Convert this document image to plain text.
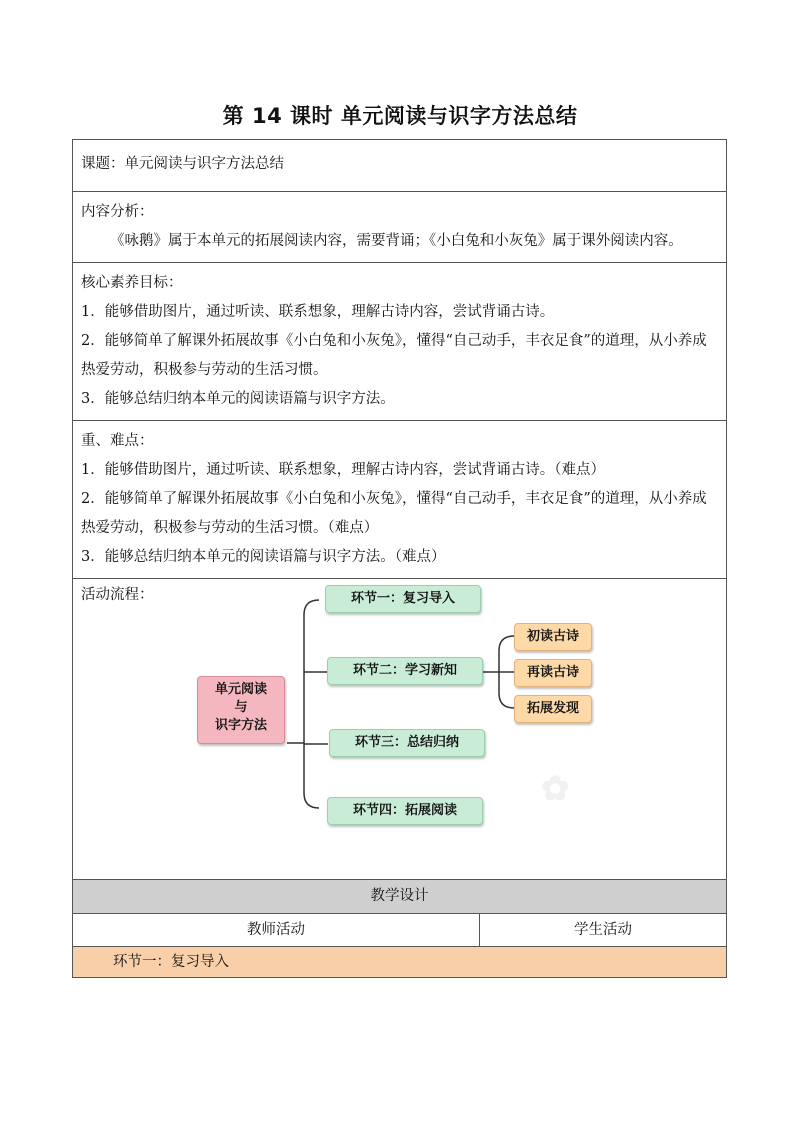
第 14 课时 单元阅读与识字方法总结

课题：单元阅读与识字方法总结

内容分析：

《咏鹅》属于本单元的拓展阅读内容，需要背诵；《小白兔和小灰兔》属于课外阅读内容。

核心素养目标：

1．能够借助图片，通过听读、联系想象，理解古诗内容，尝试背诵古诗。

2．能够简单了解课外拓展故事《小白兔和小灰兔》，懂得“自己动手，丰衣足食”的道理，从小养成热爱劳动，积极参与劳动的生活习惯。

3．能够总结归纳本单元的阅读语篇与识字方法。

重、难点：

1．能够借助图片，通过听读、联系想象，理解古诗内容，尝试背诵古诗。（难点）

2．能够简单了解课外拓展故事《小白兔和小灰兔》，懂得“自己动手，丰衣足食”的道理，从小养成热爱劳动，积极参与劳动的生活习惯。（难点）

3．能够总结归纳本单元的阅读语篇与识字方法。（难点）

活动流程：

单元阅读
与
识字方法
环节一：复习导入
环节二：学习新知
环节三：总结归纳
环节四：拓展阅读
初读古诗
再读古诗
拓展发现
✿
教学设计
教师活动	学生活动
环节一：复习导入
